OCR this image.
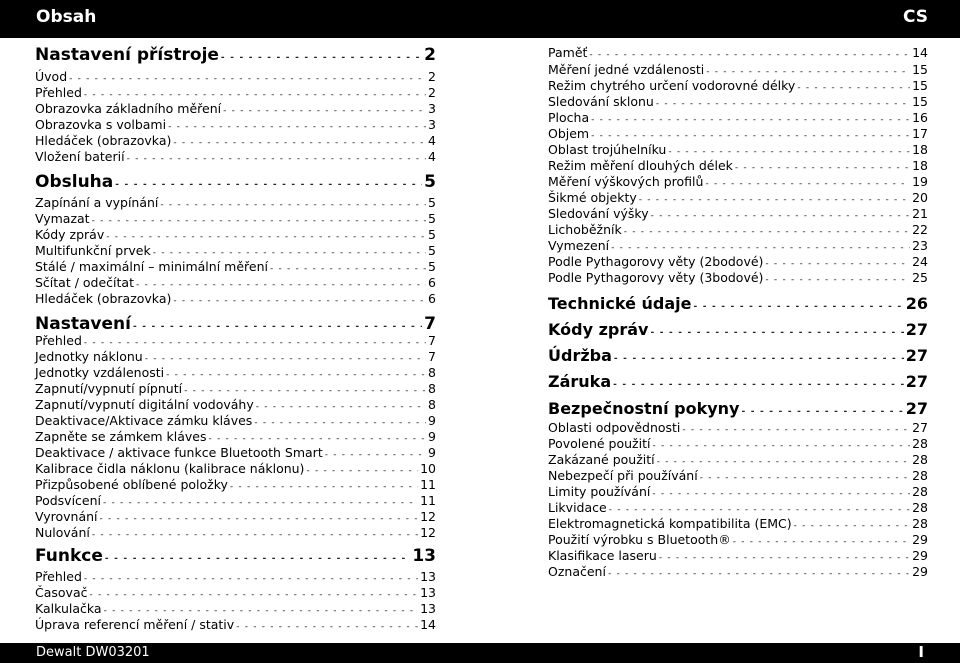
Obsah	CS
Nastavení přístroje - - -	2
Úvod - - -	2
Přehled - - -	2
Obrazovka základního měření - - -	3
Obrazovka s volbami - - -	3
Hledáček (obrazovka) - - -	4
Vložení baterií - - -	4
Obsluha - - -	5
Zapínání a vypínání - - -	5
Vymazat - - -	5
Kódy zpráv - - -	5
Multifunkční prvek - - -	5
Stálé / maximální – minimální měření - - -	5
Sčítat / odečítat - - -	6
Hledáček (obrazovka) - - -	6
Nastavení - - -	7
Přehled - - -	7
Jednotky náklonu - - -	7
Jednotky vzdálenosti - - -	8
Zapnutí/vypnutí pípnutí - - -	8
Zapnutí/vypnutí digitální vodováhy - - -	8
Deaktivace/Aktivace zámku kláves - - -	9
Zapněte se zámkem kláves - - -	9
Deaktivace / aktivace funkce Bluetooth Smart - - -	9
Kalibrace čidla náklonu (kalibrace náklonu) - - -	10
Přizpůsobené oblíbené položky - - -	11
Podsvícení - - -	11
Vyrovnání - - -	12
Nulování - - -	12
Funkce - - -	13
Přehled - - -	13
Časovač - - -	13
Kalkulačka - - -	13
Úprava referencí měření / stativ - - -	14
Paměť - - -	14
Měření jedné vzdálenosti - - -	15
Režim chytrého určení vodorovné délky - - -	15
Sledování sklonu - - -	15
Plocha - - -	16
Objem - - -	17
Oblast trojúhelníku - - -	18
Režim měření dlouhých délek - - -	18
Měření výškových profilů - - -	19
Šikmé objekty - - -	20
Sledování výšky - - -	21
Lichoběžník - - -	22
Vymezení - - -	23
Podle Pythagorovy věty (2bodové) - - -	24
Podle Pythagorovy věty (3bodové) - - -	25
Technické údaje - - -	26
Kódy zpráv - - -	27
Údržba - - -	27
Záruka - - -	27
Bezpečnostní pokyny - - -	27
Oblasti odpovědnosti - - -	27
Povolené použití - - -	28
Zakázané použití - - -	28
Nebezpečí při používání - - -	28
Limity používání - - -	28
Likvidace - - -	28
Elektromagnetická kompatibilita (EMC) - - -	28
Použití výrobku s Bluetooth® - - -	29
Klasifikace laseru - - -	29
Označení - - -	29
Dewalt DW03201	I
